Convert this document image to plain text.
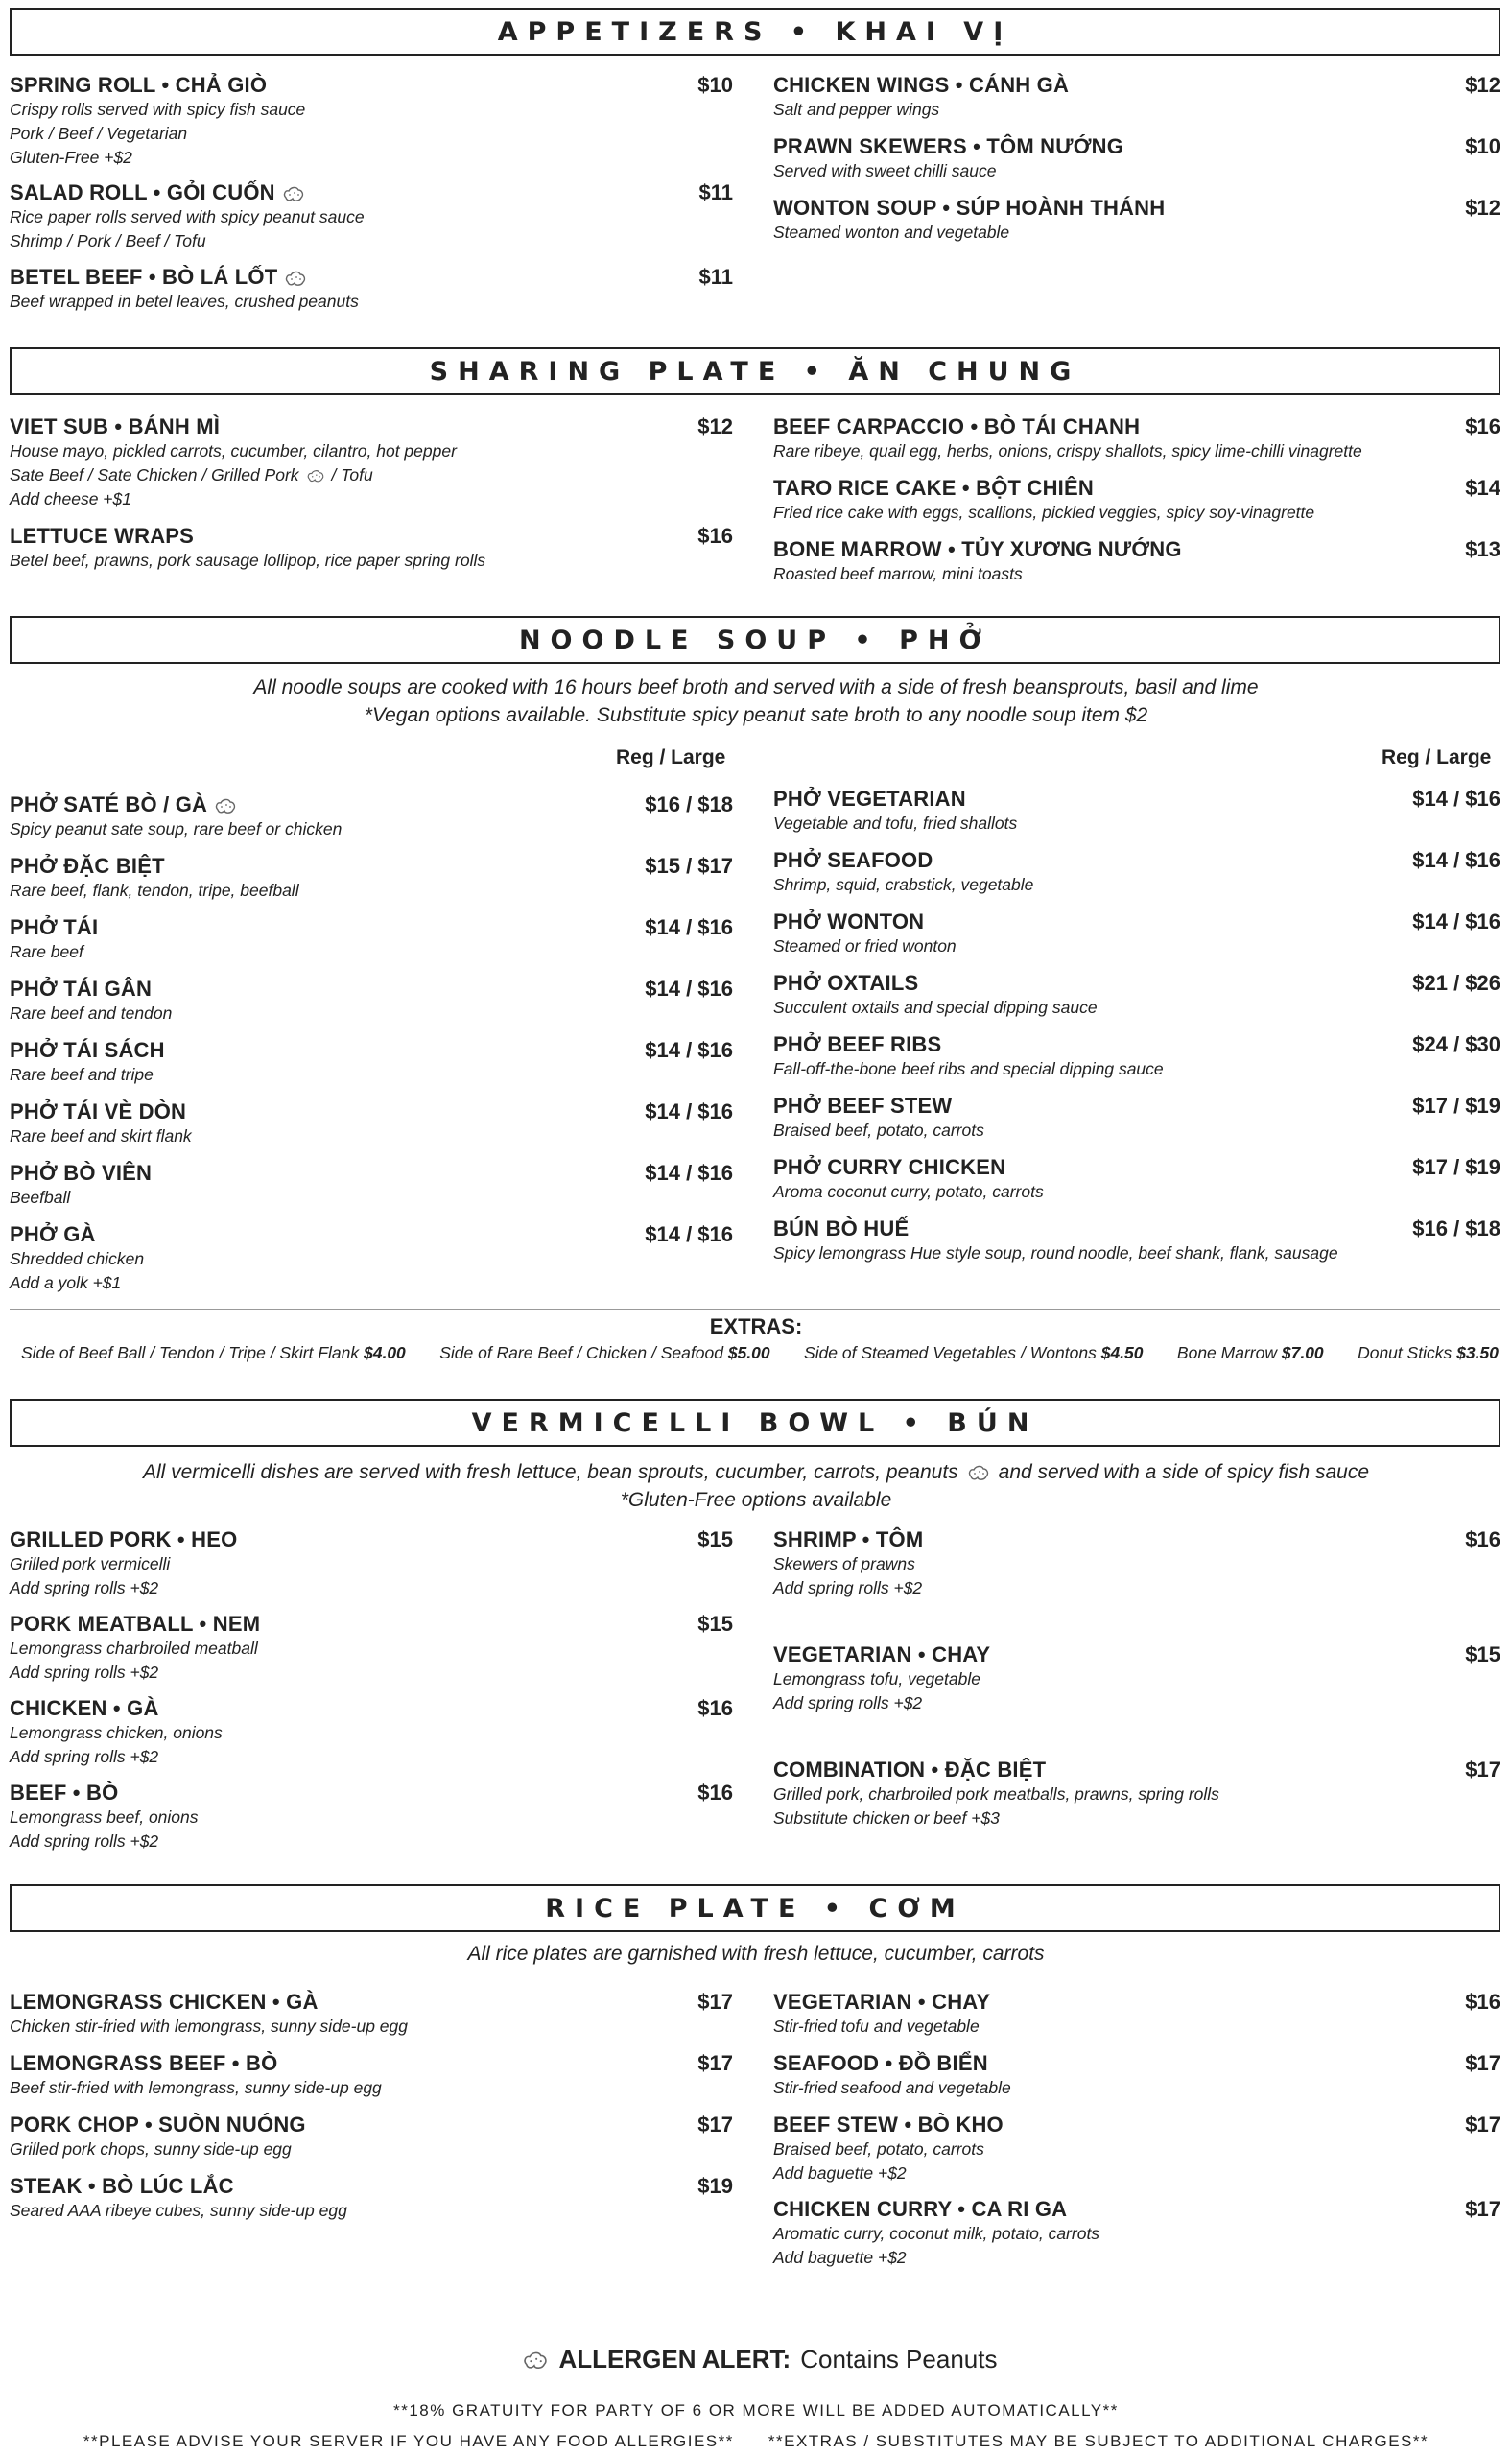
APPETIZERS • KHAI VỊ
SPRING ROLL • CHẢ GIÒ	$10
Crispy rolls served with spicy fish sauce
Pork / Beef / Vegetarian
Gluten-Free +$2
SALAD ROLL • GỎI CUỐN	$11
Rice paper rolls served with spicy peanut sauce
Shrimp / Pork / Beef / Tofu
BETEL BEEF • BÒ LÁ LỐT	$11
Beef wrapped in betel leaves, crushed peanuts
CHICKEN WINGS • CÁNH GÀ	$12
Salt and pepper wings
PRAWN SKEWERS • TÔM NƯỚNG	$10
Served with sweet chilli sauce
WONTON SOUP • SÚP HOÀNH THÁNH	$12
Steamed wonton and vegetable
SHARING PLATE • ĂN CHUNG
VIET SUB • BÁNH MÌ	$12
House mayo, pickled carrots, cucumber, cilantro, hot pepper
Sate Beef / Sate Chicken / Grilled Pork / Tofu
Add cheese +$1
LETTUCE WRAPS	$16
Betel beef, prawns, pork sausage lollipop, rice paper spring rolls
BEEF CARPACCIO • BÒ TÁI CHANH	$16
Rare ribeye, quail egg, herbs, onions, crispy shallots, spicy lime-chilli vinagrette
TARO RICE CAKE • BỘT CHIÊN	$14
Fried rice cake with eggs, scallions, pickled veggies, spicy soy-vinagrette
BONE MARROW • TỦY XƯƠNG NƯỚNG	$13
Roasted beef marrow, mini toasts
NOODLE SOUP • PHỞ
All noodle soups are cooked with 16 hours beef broth and served with a side of fresh beansprouts, basil and lime
*Vegan options available. Substitute spicy peanut sate broth to any noodle soup item $2
Reg / Large	Reg / Large
PHỞ SATÉ BÒ / GÀ	$16 / $18
Spicy peanut sate soup, rare beef or chicken
PHỞ ĐẶC BIỆT	$15 / $17
Rare beef, flank, tendon, tripe, beefball
PHỞ TÁI	$14 / $16
Rare beef
PHỞ TÁI GÂN	$14 / $16
Rare beef and tendon
PHỞ TÁI SÁCH	$14 / $16
Rare beef and tripe
PHỞ TÁI VÈ DÒN	$14 / $16
Rare beef and skirt flank
PHỞ BÒ VIÊN	$14 / $16
Beefball
PHỞ GÀ	$14 / $16
Shredded chicken
Add a yolk +$1
PHỞ VEGETARIAN	$14 / $16
Vegetable and tofu, fried shallots
PHỞ SEAFOOD	$14 / $16
Shrimp, squid, crabstick, vegetable
PHỞ WONTON	$14 / $16
Steamed or fried wonton
PHỞ OXTAILS	$21 / $26
Succulent oxtails and special dipping sauce
PHỞ BEEF RIBS	$24 / $30
Fall-off-the-bone beef ribs and special dipping sauce
PHỞ BEEF STEW	$17 / $19
Braised beef, potato, carrots
PHỞ CURRY CHICKEN	$17 / $19
Aroma coconut curry, potato, carrots
BÚN BÒ HUẾ	$16 / $18
Spicy lemongrass Hue style soup, round noodle, beef shank, flank, sausage
EXTRAS:
Side of Beef Ball / Tendon / Tripe / Skirt Flank $4.00 Side of Rare Beef / Chicken / Seafood $5.00 Side of Steamed Vegetables / Wontons $4.50 Bone Marrow $7.00 Donut Sticks $3.50
VERMICELLI BOWL • BÚN
All vermicelli dishes are served with fresh lettuce, bean sprouts, cucumber, carrots, peanuts and served with a side of spicy fish sauce
*Gluten-Free options available
GRILLED PORK • HEO	$15
Grilled pork vermicelli
Add spring rolls +$2
PORK MEATBALL • NEM	$15
Lemongrass charbroiled meatball
Add spring rolls +$2
CHICKEN • GÀ	$16
Lemongrass chicken, onions
Add spring rolls +$2
BEEF • BÒ	$16
Lemongrass beef, onions
Add spring rolls +$2
SHRIMP • TÔM	$16
Skewers of prawns
Add spring rolls +$2
VEGETARIAN • CHAY	$15
Lemongrass tofu, vegetable
Add spring rolls +$2
COMBINATION • ĐẶC BIỆT	$17
Grilled pork, charbroiled pork meatballs, prawns, spring rolls
Substitute chicken or beef +$3
RICE PLATE • CƠM
All rice plates are garnished with fresh lettuce, cucumber, carrots
LEMONGRASS CHICKEN • GÀ	$17
Chicken stir-fried with lemongrass, sunny side-up egg
LEMONGRASS BEEF • BÒ	$17
Beef stir-fried with lemongrass, sunny side-up egg
PORK CHOP • SUÒN NUÓNG	$17
Grilled pork chops, sunny side-up egg
STEAK • BÒ LÚC LẮC	$19
Seared AAA ribeye cubes, sunny side-up egg
VEGETARIAN • CHAY	$16
Stir-fried tofu and vegetable
SEAFOOD • ĐỒ BIỂN	$17
Stir-fried seafood and vegetable
BEEF STEW • BÒ KHO	$17
Braised beef, potato, carrots
Add baguette +$2
CHICKEN CURRY • CA RI GA	$17
Aromatic curry, coconut milk, potato, carrots
Add baguette +$2
ALLERGEN ALERT: Contains Peanuts
**18% GRATUITY FOR PARTY OF 6 OR MORE WILL BE ADDED AUTOMATICALLY**
**PLEASE ADVISE YOUR SERVER IF YOU HAVE ANY FOOD ALLERGIES** **EXTRAS / SUBSTITUTES MAY BE SUBJECT TO ADDITIONAL CHARGES**
